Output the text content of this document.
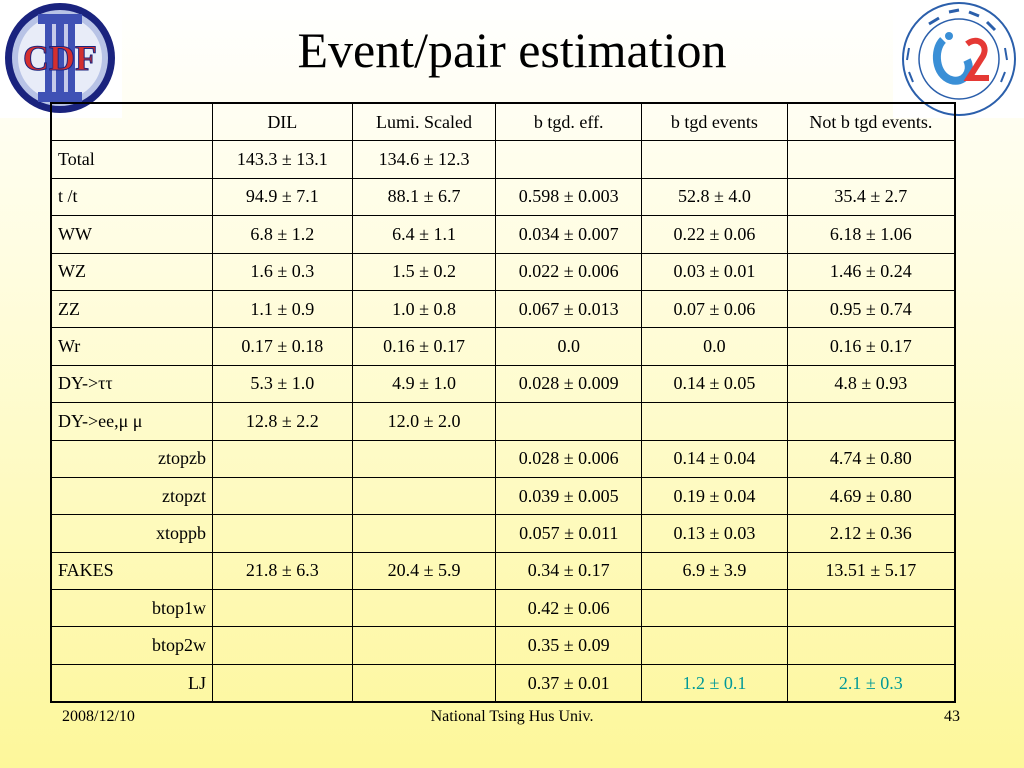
CDF	Event/pair estimation
	DIL	Lumi. Scaled	b tgd. eff.	b tgd events	Not b tgd events.
Total	143.3 ± 13.1	134.6 ± 12.3			
t /t	94.9 ± 7.1	88.1 ± 6.7	0.598 ± 0.003	52.8 ± 4.0	35.4 ± 2.7
WW	6.8 ± 1.2	6.4 ± 1.1	0.034 ± 0.007	0.22 ± 0.06	6.18 ± 1.06
WZ	1.6 ± 0.3	1.5 ± 0.2	0.022 ± 0.006	0.03 ± 0.01	1.46 ± 0.24
ZZ	1.1 ± 0.9	1.0 ± 0.8	0.067 ± 0.013	0.07 ± 0.06	0.95 ± 0.74
Wr	0.17 ± 0.18	0.16 ± 0.17	0.0	0.0	0.16 ± 0.17
DY->ττ	5.3 ± 1.0	4.9 ± 1.0	0.028 ± 0.009	0.14 ± 0.05	4.8 ± 0.93
DY->ee,μ μ	12.8 ± 2.2	12.0 ± 2.0			
ztopzb			0.028 ± 0.006	0.14 ± 0.04	4.74 ± 0.80
ztopzt			0.039 ± 0.005	0.19 ± 0.04	4.69 ± 0.80
xtoppb			0.057 ± 0.011	0.13 ± 0.03	2.12 ± 0.36
FAKES	21.8 ± 6.3	20.4 ± 5.9	0.34 ± 0.17	6.9 ± 3.9	13.51 ± 5.17
btop1w			0.42 ± 0.06		
btop2w			0.35 ± 0.09		
LJ			0.37 ± 0.01	1.2 ± 0.1	2.1 ± 0.3
2008/12/10	National Tsing Hus Univ.	43
